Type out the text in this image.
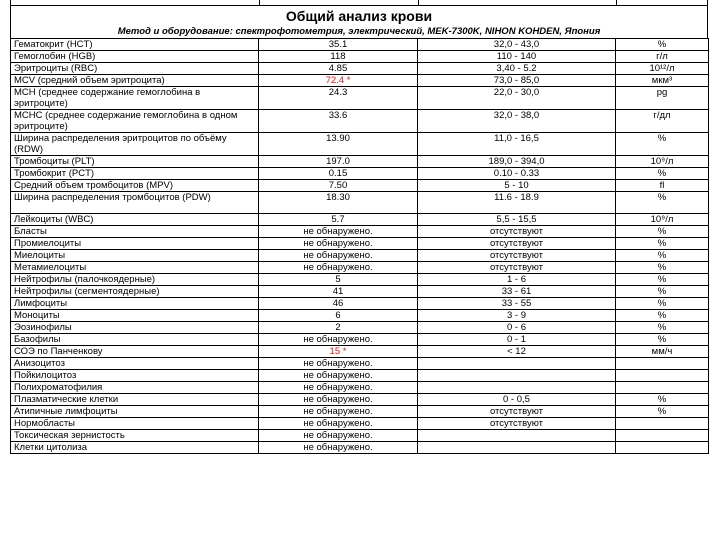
Общий анализ крови
Метод и оборудование: спектрофотометрия, электрический, MEK-7300K, NIHON KOHDEN, Япония
Гематокрит (HCT)	35.1	32,0 - 43,0	%
Гемоглобин (HGB)	118	110 - 140	г/л
Эритроциты (RBC)	4.85	3,40 - 5.2	10¹²/л
MCV (средний объем эритроцита)	72.4 *	73,0 - 85,0	мкм³
MCH (среднее содержание гемоглобина в эритроците)	24.3	22,0 - 30,0	pg
MCHC (среднее содержание гемоглобина в одном эритроците)	33.6	32,0 - 38,0	г/дл
Ширина распределения эритроцитов по объёму (RDW)	13.90	11,0 - 16,5	%
Тромбоциты (PLT)	197.0	189,0 - 394,0	10⁹/л
Тромбокрит (PCT)	0.15	0.10 - 0.33	%
Средний объем тромбоцитов (MPV)	7.50	5 - 10	fl
Ширина распределения тромбоцитов (PDW)	18.30	11.6 - 18.9	%
Лейкоциты (WBC)	5.7	5,5 - 15,5	10⁹/л
Бласты	не обнаружено.	отсутствуют	%
Промиелоциты	не обнаружено.	отсутствуют	%
Миелоциты	не обнаружено.	отсутствуют	%
Метамиелоциты	не обнаружено.	отсутствуют	%
Нейтрофилы (палочкоядерные)	5	1 - 6	%
Нейтрофилы (сегментоядерные)	41	33 - 61	%
Лимфоциты	46	33 - 55	%
Моноциты	6	3 - 9	%
Эозинофилы	2	0 - 6	%
Базофилы	не обнаружено.	0 - 1	%
СОЭ по Панченкову	15 *	< 12	мм/ч
Анизоцитоз	не обнаружено.		
Пойкилоцитоз	не обнаружено.		
Полихроматофилия	не обнаружено.		
Плазматические клетки	не обнаружено.	0 - 0,5	%
Атипичные лимфоциты	не обнаружено.	отсутствуют	%
Нормобласты	не обнаружено.	отсутствуют	
Токсическая зернистость	не обнаружено.		
Клетки цитолиза	не обнаружено.		
